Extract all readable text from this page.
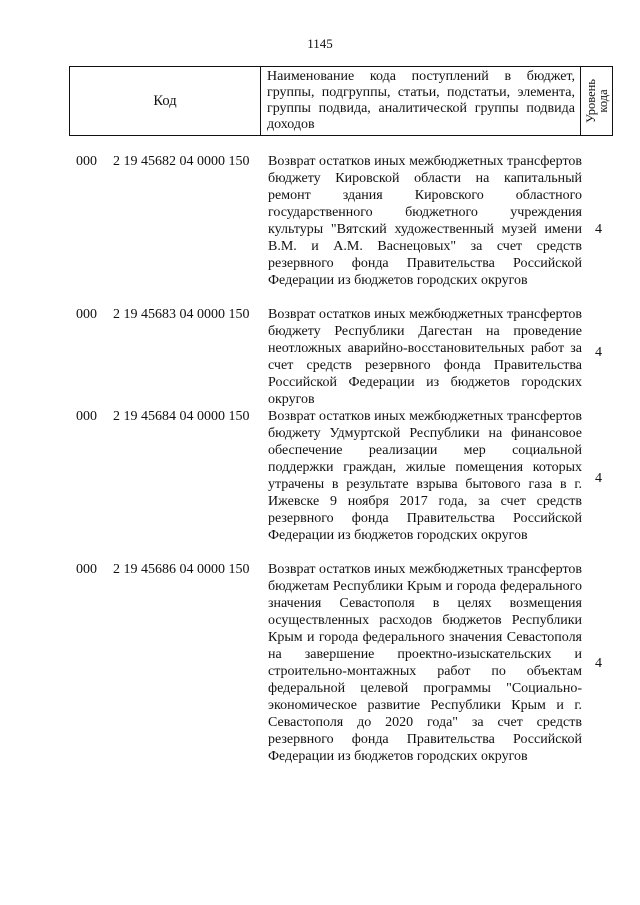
1145
Код
Наименование кода поступлений в бюджет, группы, подгруппы, статьи, подстатьи, элемента, группы подвида, аналитической группы подвида доходов
Уровень
кода
000 2 19 45682 04 0000 150 Возврат остатков иных межбюджетных трансфертов бюджету Кировской области на капитальный ремонт здания Кировского областного государственного бюджетного учреждения культуры "Вятский художественный музей имени В.М. и А.М. Васнецовых" за счет средств резервного фонда Правительства Российской Федерации из бюджетов городских округов
4
000 2 19 45683 04 0000 150 Возврат остатков иных межбюджетных трансфертов бюджету Республики Дагестан на проведение неотложных аварийно-восстановительных работ за счет средств резервного фонда Правительства Российской Федерации из бюджетов городских округов
4
000 2 19 45684 04 0000 150 Возврат остатков иных межбюджетных трансфертов бюджету Удмуртской Республики на финансовое обеспечение реализации мер социальной поддержки граждан, жилые помещения которых утрачены в результате взрыва бытового газа в г. Ижевске 9 ноября 2017 года, за счет средств резервного фонда Правительства Российской Федерации из бюджетов городских округов
4
000 2 19 45686 04 0000 150 Возврат остатков иных межбюджетных трансфертов бюджетам Республики Крым и города федерального значения Севастополя в целях возмещения осуществленных расходов бюджетов Республики Крым и города федерального значения Севастополя на завершение проектно-изыскательских и строительно-монтажных работ по объектам федеральной целевой программы "Социально-экономическое развитие Республики Крым и г. Севастополя до 2020 года" за счет средств резервного фонда Правительства Российской Федерации из бюджетов городских округов
4
